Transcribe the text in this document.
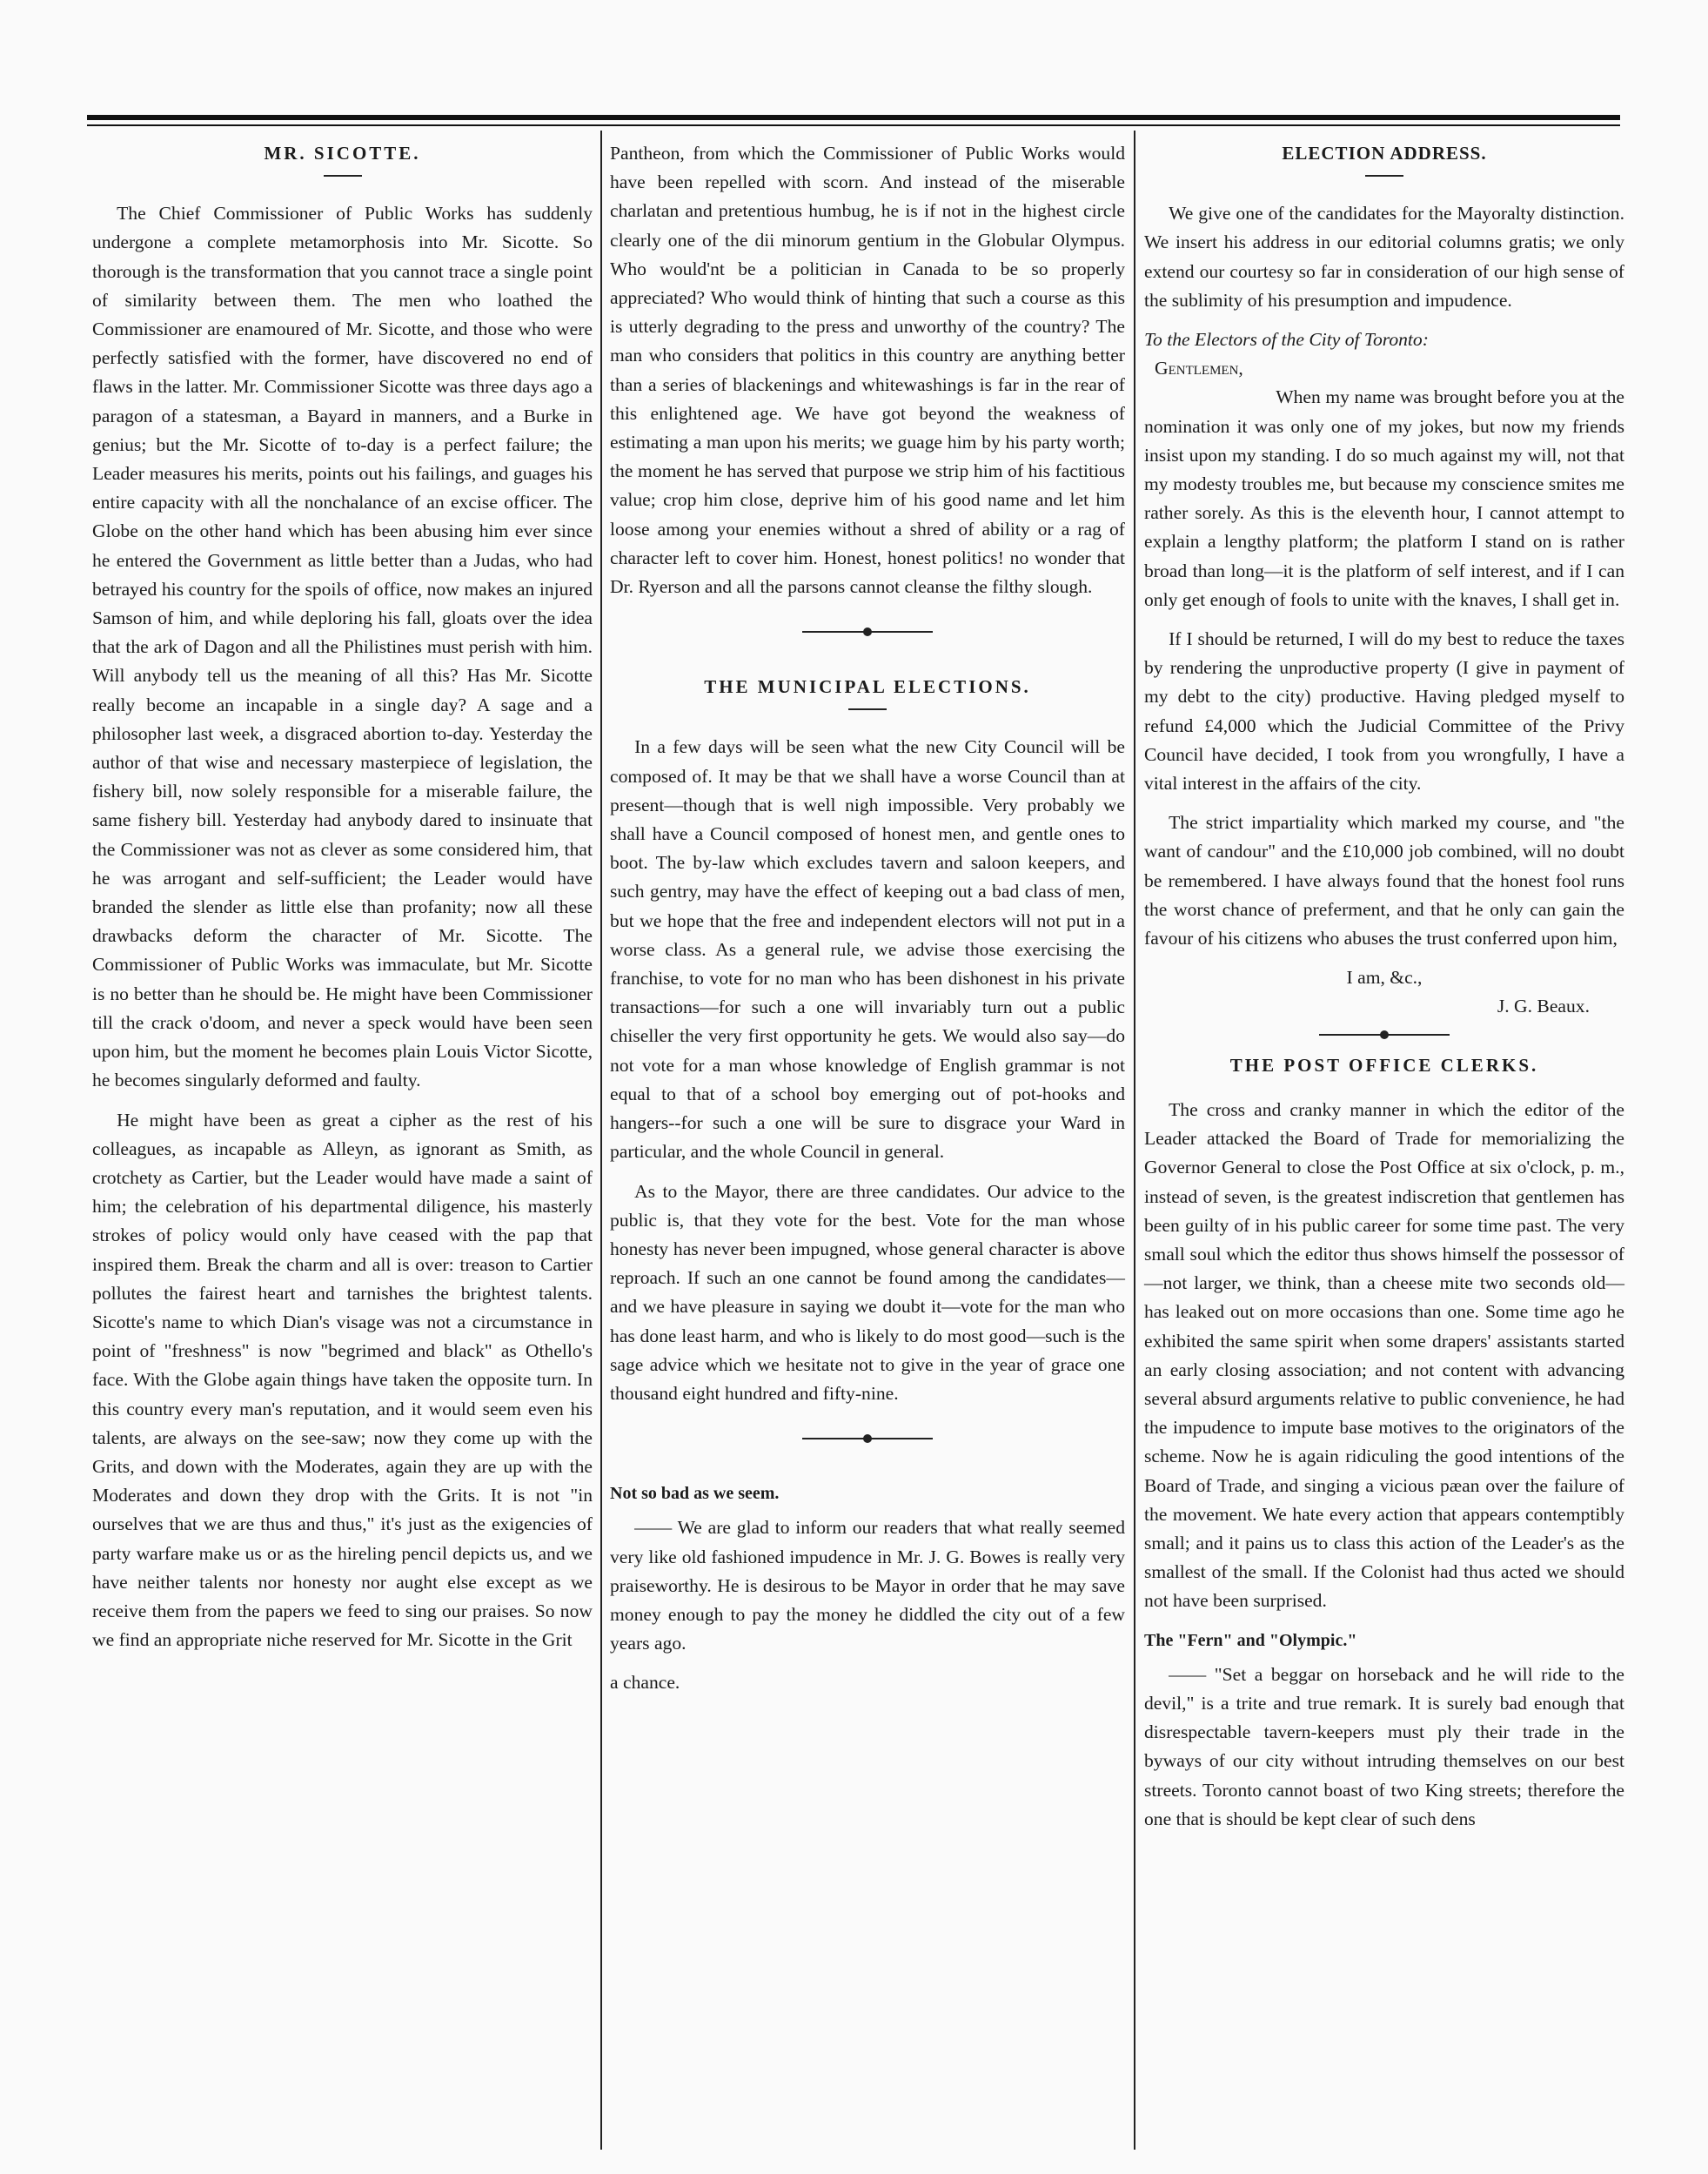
MR. SICOTTE.

The Chief Commissioner of Public Works has suddenly undergone a complete metamorphosis into Mr. Sicotte. So thorough is the transformation that you cannot trace a single point of similarity between them. The men who loathed the Commissioner are enamoured of Mr. Sicotte, and those who were perfectly satisfied with the former, have discovered no end of flaws in the latter. Mr. Commissioner Sicotte was three days ago a paragon of a statesman, a Bayard in manners, and a Burke in genius; but the Mr. Sicotte of to-day is a perfect failure; the Leader measures his merits, points out his failings, and guages his entire capacity with all the nonchalance of an excise officer. The Globe on the other hand which has been abusing him ever since he entered the Government as little better than a Judas, who had betrayed his country for the spoils of office, now makes an injured Samson of him, and while deploring his fall, gloats over the idea that the ark of Dagon and all the Philistines must perish with him. Will anybody tell us the meaning of all this? Has Mr. Sicotte really become an incapable in a single day? A sage and a philosopher last week, a disgraced abortion to-day. Yesterday the author of that wise and necessary masterpiece of legislation, the fishery bill, now solely responsible for a miserable failure, the same fishery bill. Yesterday had anybody dared to insinuate that the Commissioner was not as clever as some considered him, that he was arrogant and self-sufficient; the Leader would have branded the slender as little else than profanity; now all these drawbacks deform the character of Mr. Sicotte. The Commissioner of Public Works was immaculate, but Mr. Sicotte is no better than he should be. He might have been Commissioner till the crack o'doom, and never a speck would have been seen upon him, but the moment he becomes plain Louis Victor Sicotte, he becomes singularly deformed and faulty.

He might have been as great a cipher as the rest of his colleagues, as incapable as Alleyn, as ignorant as Smith, as crotchety as Cartier, but the Leader would have made a saint of him; the celebration of his departmental diligence, his masterly strokes of policy would only have ceased with the pap that inspired them. Break the charm and all is over: treason to Cartier pollutes the fairest heart and tarnishes the brightest talents. Sicotte's name to which Dian's visage was not a circumstance in point of "freshness" is now "begrimed and black" as Othello's face. With the Globe again things have taken the opposite turn. In this country every man's reputation, and it would seem even his talents, are always on the see-saw; now they come up with the Grits, and down with the Moderates, again they are up with the Moderates and down they drop with the Grits. It is not "in ourselves that we are thus and thus," it's just as the exigencies of party warfare make us or as the hireling pencil depicts us, and we have neither talents nor honesty nor aught else except as we receive them from the papers we feed to sing our praises. So now we find an appropriate niche reserved for Mr. Sicotte in the Grit

Pantheon, from which the Commissioner of Public Works would have been repelled with scorn. And instead of the miserable charlatan and pretentious humbug, he is if not in the highest circle clearly one of the dii minorum gentium in the Globular Olympus. Who would'nt be a politician in Canada to be so properly appreciated? Who would think of hinting that such a course as this is utterly degrading to the press and unworthy of the country? The man who considers that politics in this country are anything better than a series of blackenings and whitewashings is far in the rear of this enlightened age. We have got beyond the weakness of estimating a man upon his merits; we guage him by his party worth; the moment he has served that purpose we strip him of his factitious value; crop him close, deprive him of his good name and let him loose among your enemies without a shred of ability or a rag of character left to cover him. Honest, honest politics! no wonder that Dr. Ryerson and all the parsons cannot cleanse the filthy slough.

THE MUNICIPAL ELECTIONS.

In a few days will be seen what the new City Council will be composed of. It may be that we shall have a worse Council than at present—though that is well nigh impossible. Very probably we shall have a Council composed of honest men, and gentle ones to boot. The by-law which excludes tavern and saloon keepers, and such gentry, may have the effect of keeping out a bad class of men, but we hope that the free and independent electors will not put in a worse class. As a general rule, we advise those exercising the franchise, to vote for no man who has been dishonest in his private transactions—for such a one will invariably turn out a public chiseller the very first opportunity he gets. We would also say—do not vote for a man whose knowledge of English grammar is not equal to that of a school boy emerging out of pot-hooks and hangers--for such a one will be sure to disgrace your Ward in particular, and the whole Council in general.

As to the Mayor, there are three candidates. Our advice to the public is, that they vote for the best. Vote for the man whose honesty has never been impugned, whose general character is above reproach. If such an one cannot be found among the candidates—and we have pleasure in saying we doubt it—vote for the man who has done least harm, and who is likely to do most good—such is the sage advice which we hesitate not to give in the year of grace one thousand eight hundred and fifty-nine.

Not so bad as we seem.

—— We are glad to inform our readers that what really seemed very like old fashioned impudence in Mr. J. G. Bowes is really very praiseworthy. He is desirous to be Mayor in order that he may save money enough to pay the money he diddled the city out of a few years ago.

a chance.

ELECTION ADDRESS.

We give one of the candidates for the Mayoralty distinction. We insert his address in our editorial columns gratis; we only extend our courtesy so far in consideration of our high sense of the sublimity of his presumption and impudence.

To the Electors of the City of Toronto:

Gentlemen,

When my name was brought before you at the nomination it was only one of my jokes, but now my friends insist upon my standing. I do so much against my will, not that my modesty troubles me, but because my conscience smites me rather sorely. As this is the eleventh hour, I cannot attempt to explain a lengthy platform; the platform I stand on is rather broad than long—it is the platform of self interest, and if I can only get enough of fools to unite with the knaves, I shall get in.

If I should be returned, I will do my best to reduce the taxes by rendering the unproductive property (I give in payment of my debt to the city) productive. Having pledged myself to refund £4,000 which the Judicial Committee of the Privy Council have decided, I took from you wrongfully, I have a vital interest in the affairs of the city.

The strict impartiality which marked my course, and "the want of candour" and the £10,000 job combined, will no doubt be remembered. I have always found that the honest fool runs the worst chance of preferment, and that he only can gain the favour of his citizens who abuses the trust conferred upon him,

I am, &c.,

J. G. Beaux.

THE POST OFFICE CLERKS.

The cross and cranky manner in which the editor of the Leader attacked the Board of Trade for memorializing the Governor General to close the Post Office at six o'clock, p. m., instead of seven, is the greatest indiscretion that gentlemen has been guilty of in his public career for some time past. The very small soul which the editor thus shows himself the possessor of—not larger, we think, than a cheese mite two seconds old—has leaked out on more occasions than one. Some time ago he exhibited the same spirit when some drapers' assistants started an early closing association; and not content with advancing several absurd arguments relative to public convenience, he had the impudence to impute base motives to the originators of the scheme. Now he is again ridiculing the good intentions of the Board of Trade, and singing a vicious pæan over the failure of the movement. We hate every action that appears contemptibly small; and it pains us to class this action of the Leader's as the smallest of the small. If the Colonist had thus acted we should not have been surprised.

The "Fern" and "Olympic."

—— "Set a beggar on horseback and he will ride to the devil," is a trite and true remark. It is surely bad enough that disrespectable tavern-keepers must ply their trade in the byways of our city without intruding themselves on our best streets. Toronto cannot boast of two King streets; therefore the one that is should be kept clear of such dens
